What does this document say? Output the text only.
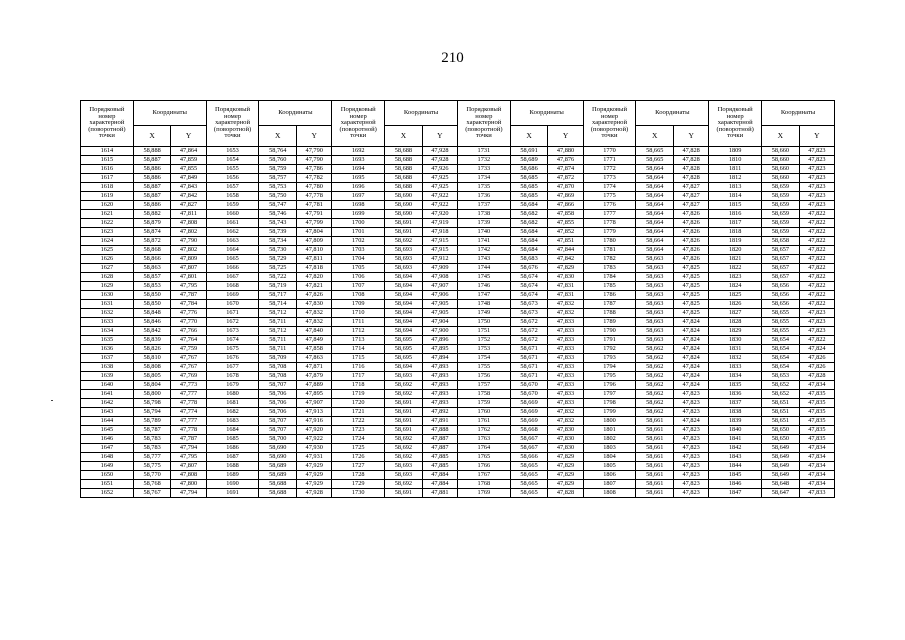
210
Порядковый номер характерной (поворотной) точки	Координаты		Порядковый номер характерной (поворотной) точки	Координаты		Порядковый номер характерной (поворотной) точки	Координаты		Порядковый номер характерной (поворотной) точки	Координаты		Порядковый номер характерной (поворотной) точки	Координаты		Порядковый номер характерной (поворотной) точки	Координаты	
	X	Y		X	Y		X	Y		X	Y		X	Y		X	Y
1614	58,888	47,864	1653	58,764	47,790	1692	58,688	47,928	1731	58,691	47,880	1770	58,665	47,828	1809	58,660	47,823
1615	58,887	47,859	1654	58,760	47,790	1693	58,688	47,928	1732	58,689	47,876	1771	58,665	47,828	1810	58,660	47,823
1616	58,886	47,855	1655	58,759	47,786	1694	58,688	47,926	1733	58,686	47,874	1772	58,664	47,828	1811	58,660	47,823
1617	58,886	47,849	1656	58,757	47,782	1695	58,688	47,925	1734	58,685	47,872	1773	58,664	47,828	1812	58,660	47,823
1618	58,887	47,843	1657	58,753	47,780	1696	58,688	47,925	1735	58,685	47,870	1774	58,664	47,827	1813	58,659	47,823
1619	58,887	47,842	1658	58,750	47,778	1697	58,690	47,922	1736	58,685	47,869	1775	58,664	47,827	1814	58,659	47,823
1620	58,886	47,827	1659	58,747	47,781	1698	58,690	47,922	1737	58,684	47,866	1776	58,664	47,827	1815	58,659	47,823
1621	58,882	47,811	1660	58,746	47,791	1699	58,690	47,920	1738	58,682	47,858	1777	58,664	47,826	1816	58,659	47,822
1622	58,879	47,808	1661	58,743	47,799	1700	58,691	47,919	1739	58,682	47,855	1778	58,664	47,826	1817	58,659	47,822
1623	58,874	47,802	1662	58,739	47,804	1701	58,691	47,918	1740	58,684	47,852	1779	58,664	47,826	1818	58,659	47,822
1624	58,872	47,790	1663	58,734	47,809	1702	58,692	47,915	1741	58,684	47,851	1780	58,664	47,826	1819	58,658	47,822
1625	58,868	47,802	1664	58,730	47,810	1703	58,693	47,915	1742	58,684	47,844	1781	58,664	47,826	1820	58,657	47,822
1626	58,866	47,809	1665	58,729	47,811	1704	58,693	47,912	1743	58,683	47,842	1782	58,663	47,826	1821	58,657	47,822
1627	58,863	47,807	1666	58,725	47,818	1705	58,693	47,909	1744	58,676	47,829	1783	58,663	47,825	1822	58,657	47,822
1628	58,857	47,801	1667	58,722	47,820	1706	58,694	47,908	1745	58,674	47,830	1784	58,663	47,825	1823	58,657	47,822
1629	58,853	47,795	1668	58,719	47,821	1707	58,694	47,907	1746	58,674	47,831	1785	58,663	47,825	1824	58,656	47,822
1630	58,850	47,787	1669	58,717	47,826	1708	58,694	47,906	1747	58,674	47,831	1786	58,663	47,825	1825	58,656	47,822
1631	58,850	47,784	1670	58,714	47,830	1709	58,694	47,905	1748	58,673	47,832	1787	58,663	47,825	1826	58,656	47,822
1632	58,848	47,776	1671	58,712	47,832	1710	58,694	47,905	1749	58,673	47,832	1788	58,663	47,825	1827	58,655	47,823
1633	58,846	47,770	1672	58,711	47,832	1711	58,694	47,904	1750	58,672	47,833	1789	58,663	47,824	1828	58,655	47,823
1634	58,842	47,766	1673	58,712	47,840	1712	58,694	47,900	1751	58,672	47,833	1790	58,663	47,824	1829	58,655	47,823
1635	58,839	47,764	1674	58,711	47,849	1713	58,695	47,896	1752	58,672	47,833	1791	58,663	47,824	1830	58,654	47,822
1636	58,826	47,759	1675	58,711	47,858	1714	58,695	47,895	1753	58,671	47,833	1792	58,662	47,824	1831	58,654	47,824
1637	58,810	47,767	1676	58,709	47,863	1715	58,695	47,894	1754	58,671	47,833	1793	58,662	47,824	1832	58,654	47,826
1638	58,808	47,767	1677	58,708	47,871	1716	58,694	47,893	1755	58,671	47,833	1794	58,662	47,824	1833	58,654	47,826
1639	58,805	47,769	1678	58,708	47,879	1717	58,693	47,893	1756	58,671	47,833	1795	58,662	47,824	1834	58,653	47,828
1640	58,804	47,773	1679	58,707	47,889	1718	58,692	47,893	1757	58,670	47,833	1796	58,662	47,824	1835	58,652	47,834
1641	58,800	47,777	1680	58,706	47,895	1719	58,692	47,893	1758	58,670	47,833	1797	58,662	47,823	1836	58,652	47,835
1642	58,798	47,778	1681	58,706	47,907	1720	58,691	47,893	1759	58,669	47,833	1798	58,662	47,823	1837	58,651	47,835
1643	58,794	47,774	1682	58,706	47,913	1721	58,691	47,892	1760	58,669	47,832	1799	58,662	47,823	1838	58,651	47,835
1644	58,789	47,777	1683	58,707	47,916	1722	58,691	47,891	1761	58,669	47,832	1800	58,661	47,824	1839	58,651	47,835
1645	58,787	47,778	1684	58,707	47,920	1723	58,691	47,888	1762	58,668	47,830	1801	58,661	47,823	1840	58,650	47,835
1646	58,783	47,787	1685	58,700	47,922	1724	58,692	47,887	1763	58,667	47,830	1802	58,661	47,823	1841	58,650	47,835
1647	58,783	47,794	1686	58,690	47,930	1725	58,692	47,887	1764	58,667	47,830	1803	58,661	47,823	1842	58,649	47,834
1648	58,777	47,795	1687	58,690	47,931	1726	58,692	47,885	1765	58,666	47,829	1804	58,661	47,823	1843	58,649	47,834
1649	58,775	47,807	1688	58,689	47,929	1727	58,693	47,885	1766	58,665	47,829	1805	58,661	47,823	1844	58,649	47,834
1650	58,770	47,808	1689	58,689	47,929	1728	58,693	47,884	1767	58,665	47,829	1806	58,661	47,823	1845	58,649	47,834
1651	58,768	47,800	1690	58,688	47,929	1729	58,692	47,884	1768	58,665	47,829	1807	58,661	47,823	1846	58,648	47,834
1652	58,767	47,794	1691	58,688	47,928	1730	58,691	47,881	1769	58,665	47,828	1808	58,661	47,823	1847	58,647	47,833
